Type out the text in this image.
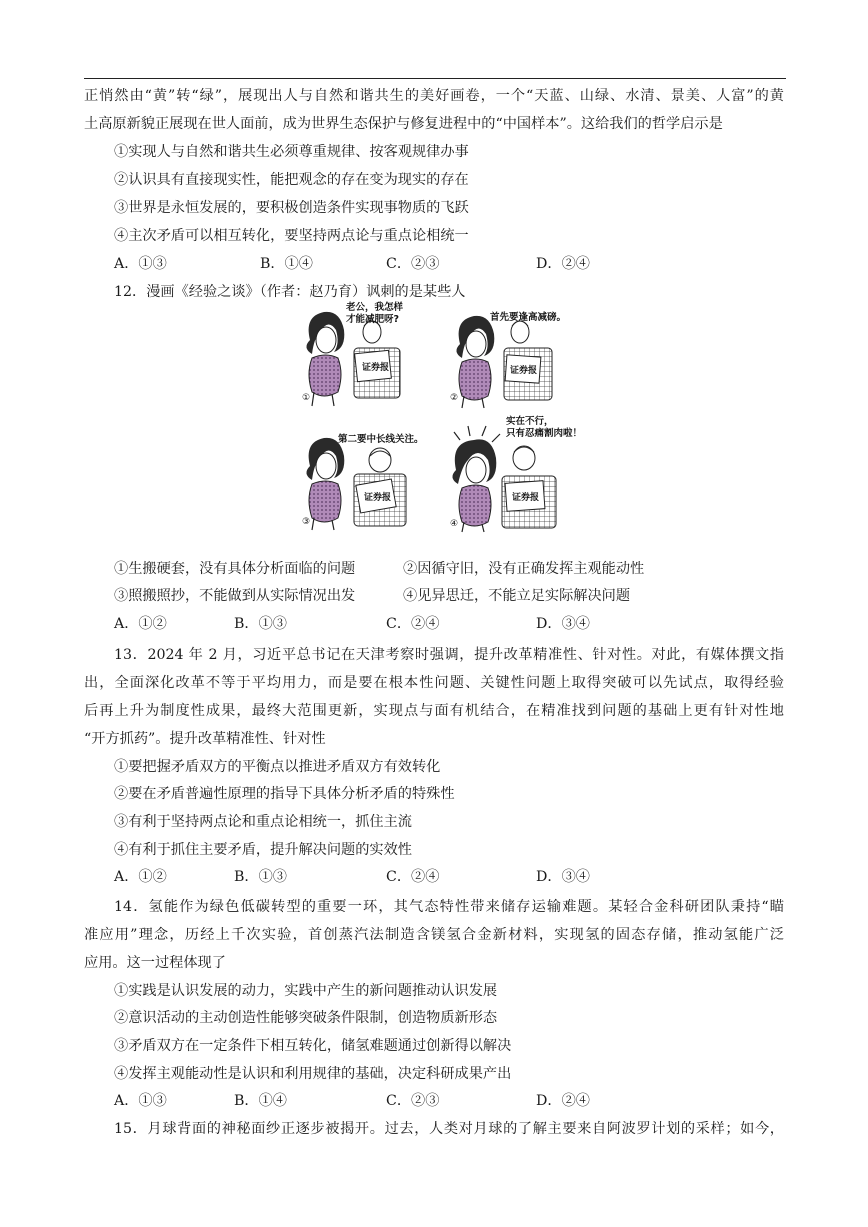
正悄然由“黄”转“绿”，展现出人与自然和谐共生的美好画卷，一个“天蓝、山绿、水清、景美、人富”的黄
土高原新貌正展现在世人面前，成为世界生态保护与修复进程中的“中国样本”。这给我们的哲学启示是
①实现人与自然和谐共生必须尊重规律、按客观规律办事
②认识具有直接现实性，能把观念的存在变为现实的存在
③世界是永恒发展的，要积极创造条件实现事物质的飞跃
④主次矛盾可以相互转化，要坚持两点论与重点论相统一
A．①③	B．①④	C．②③	D．②④
12．漫画《经验之谈》（作者：赵乃育）讽刺的是某些人
证券报
老公，我怎样
才能减肥呀?
①
证券报
首先要逢高减磅。
②
证券报
第二要中长线关注。
③
证券报
实在不行，
只有忍痛割肉啦！
④
①生搬硬套，没有具体分析面临的问题	②因循守旧，没有正确发挥主观能动性
③照搬照抄，不能做到从实际情况出发	④见异思迁，不能立足实际解决问题
A．①②	B．①③	C．②④	D．③④
13．2024 年 2 月，习近平总书记在天津考察时强调，提升改革精准性、针对性。对此，有媒体撰文指
出，全面深化改革不等于平均用力，而是要在根本性问题、关键性问题上取得突破可以先试点，取得经验
后再上升为制度性成果，最终大范围更新，实现点与面有机结合，在精准找到问题的基础上更有针对性地
“开方抓药”。提升改革精准性、针对性
①要把握矛盾双方的平衡点以推进矛盾双方有效转化
②要在矛盾普遍性原理的指导下具体分析矛盾的特殊性
③有利于坚持两点论和重点论相统一，抓住主流
④有利于抓住主要矛盾，提升解决问题的实效性
A．①②	B．①③	C．②④	D．③④
14．氢能作为绿色低碳转型的重要一环，其气态特性带来储存运输难题。某轻合金科研团队秉持“瞄
准应用”理念，历经上千次实验，首创蒸汽法制造含镁氢合金新材料，实现氢的固态存储，推动氢能广泛
应用。这一过程体现了
①实践是认识发展的动力，实践中产生的新问题推动认识发展
②意识活动的主动创造性能够突破条件限制，创造物质新形态
③矛盾双方在一定条件下相互转化，储氢难题通过创新得以解决
④发挥主观能动性是认识和利用规律的基础，决定科研成果产出
A．①③	B．①④	C．②③	D．②④
15．月球背面的神秘面纱正逐步被揭开。过去，人类对月球的了解主要来自阿波罗计划的采样；如今，
